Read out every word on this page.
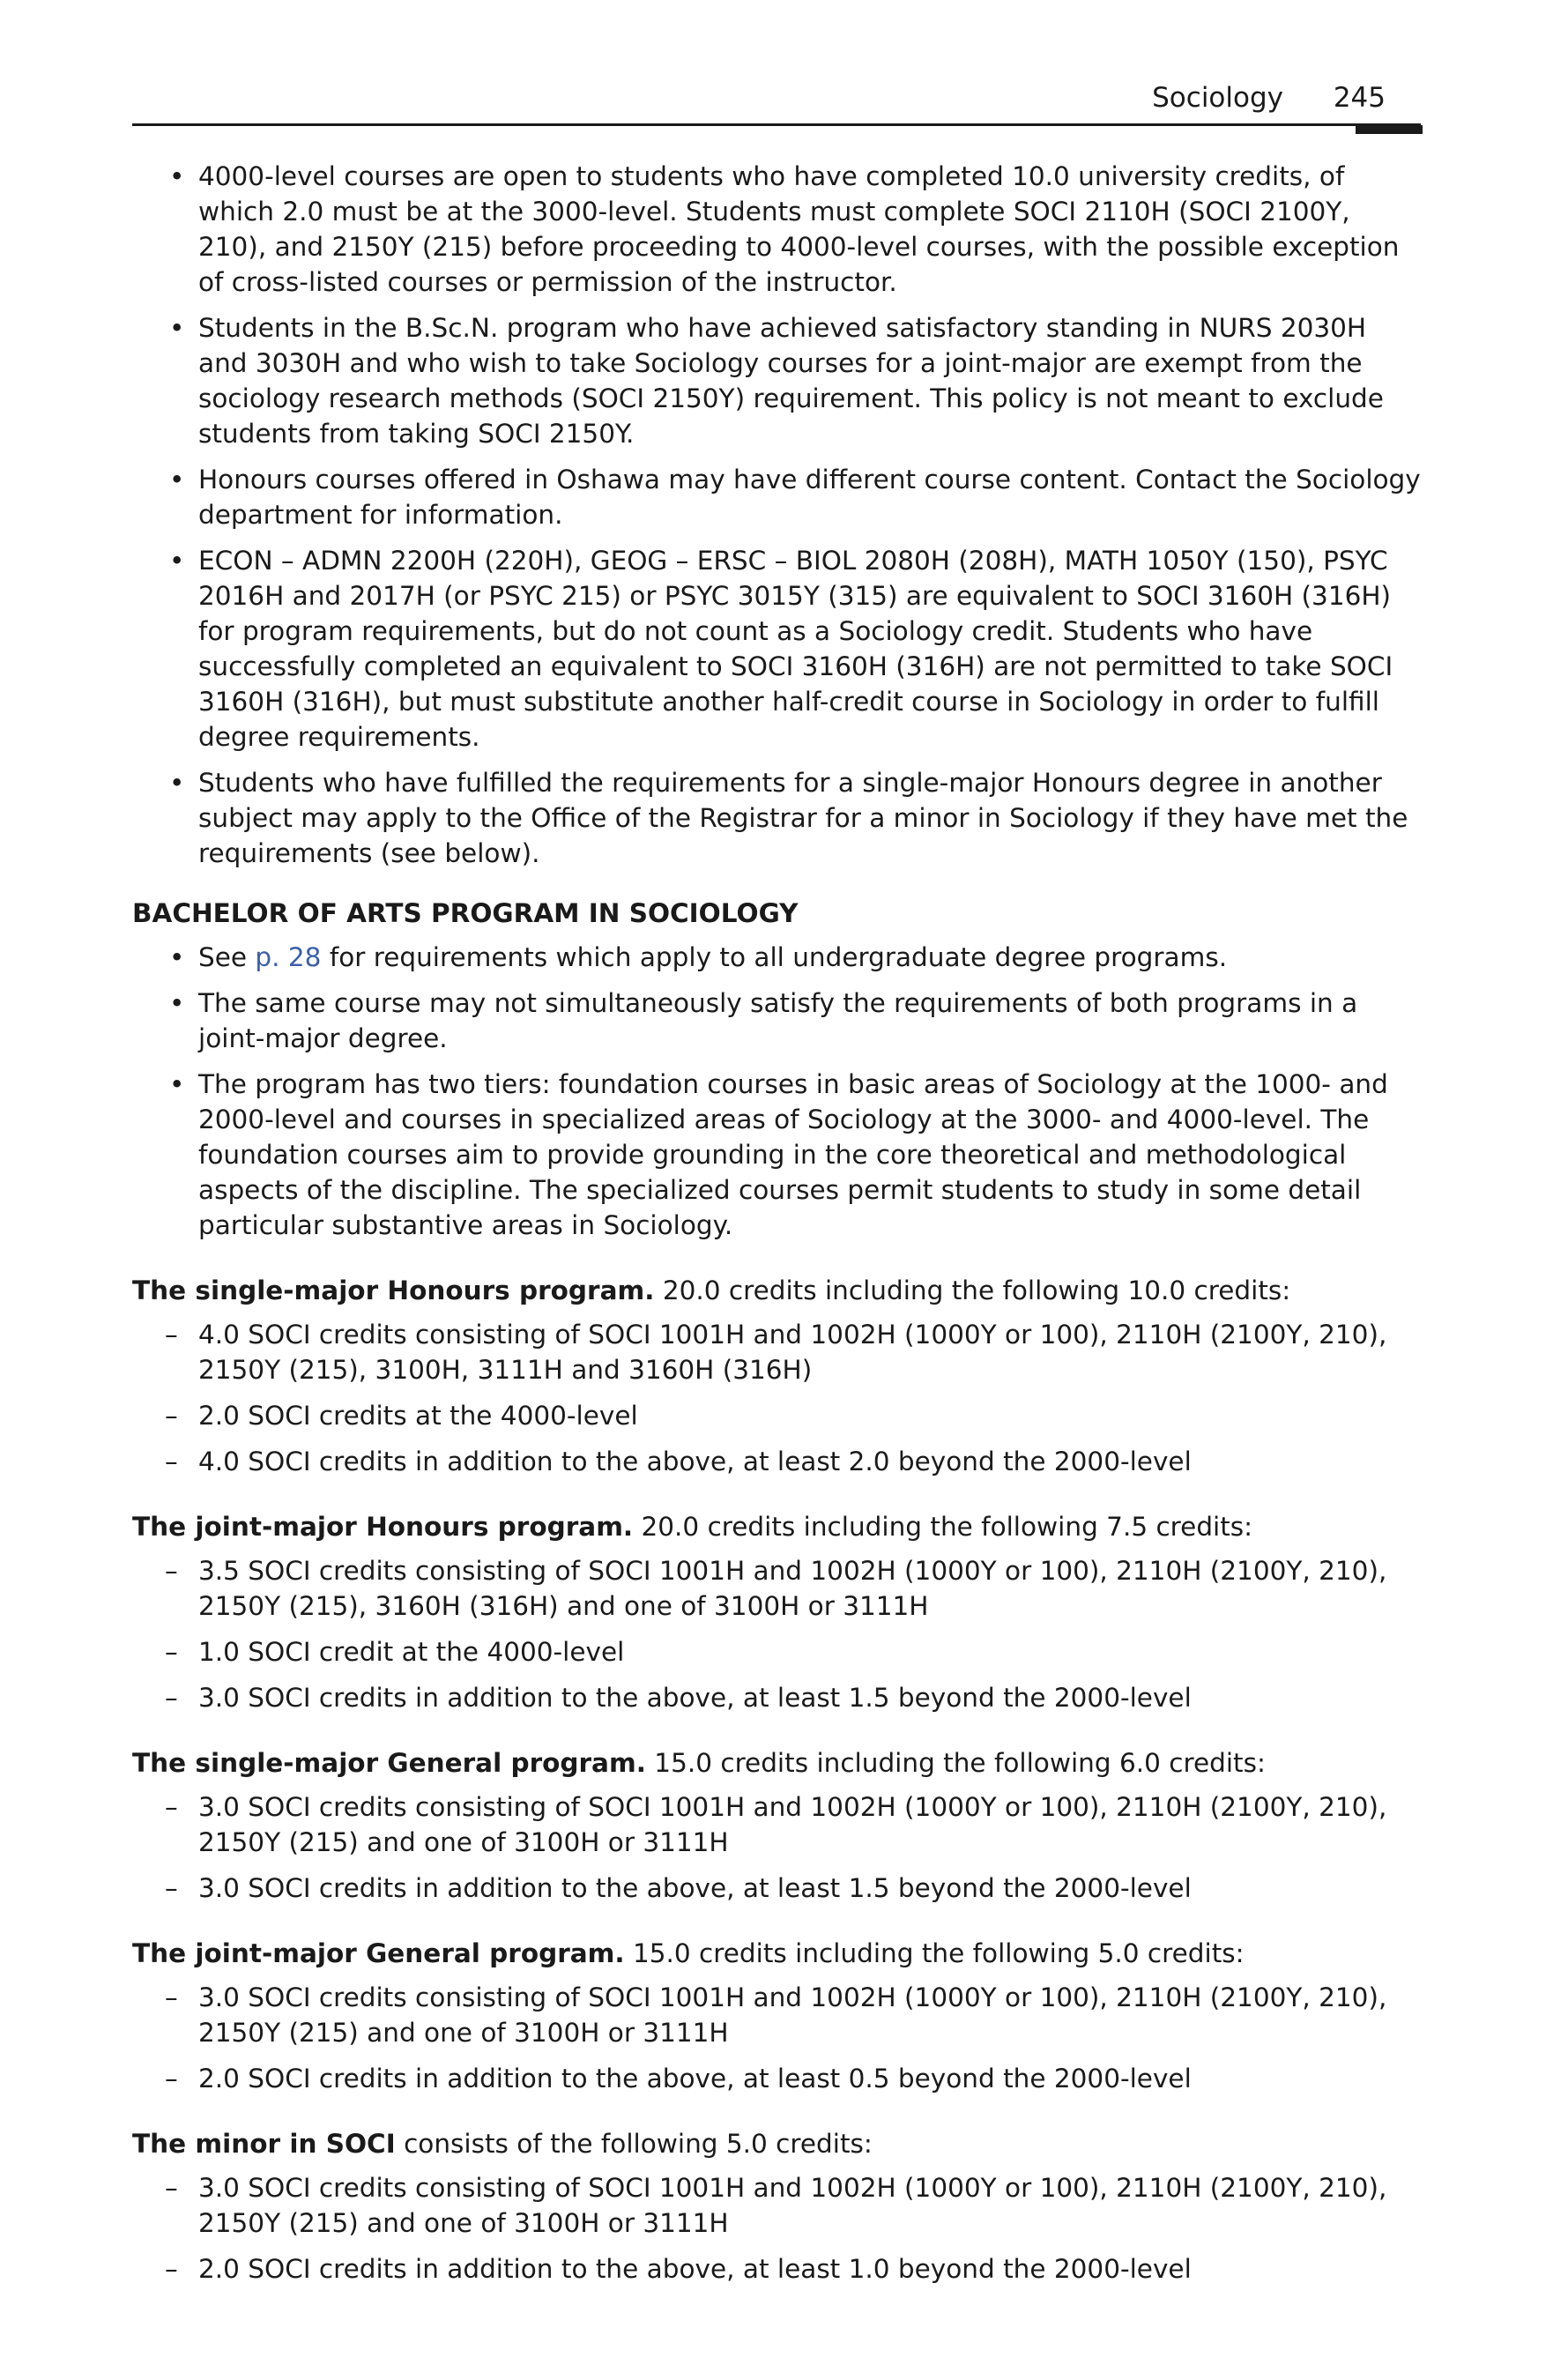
Sociology 245
• 4000-level courses are open to students who have completed 10.0 university credits, of which 2.0 must be at the 3000-level. Students must complete SOCI 2110H (SOCI 2100Y, 210), and 2150Y (215) before proceeding to 4000-level courses, with the possible exception of cross-listed courses or permission of the instructor.
• Students in the B.Sc.N. program who have achieved satisfactory standing in NURS 2030H and 3030H and who wish to take Sociology courses for a joint-major are exempt from the sociology research methods (SOCI 2150Y) requirement. This policy is not meant to exclude students from taking SOCI 2150Y.
• Honours courses offered in Oshawa may have different course content. Contact the Sociology department for information.
• ECON – ADMN 2200H (220H), GEOG – ERSC – BIOL 2080H (208H), MATH 1050Y (150), PSYC 2016H and 2017H (or PSYC 215) or PSYC 3015Y (315) are equivalent to SOCI 3160H (316H) for program requirements, but do not count as a Sociology credit. Students who have successfully completed an equivalent to SOCI 3160H (316H) are not permitted to take SOCI 3160H (316H), but must substitute another half-credit course in Sociology in order to fulfill degree requirements.
• Students who have fulfilled the requirements for a single-major Honours degree in another subject may apply to the Office of the Registrar for a minor in Sociology if they have met the requirements (see below).
BACHELOR OF ARTS PROGRAM IN SOCIOLOGY
• See p. 28 for requirements which apply to all undergraduate degree programs.
• The same course may not simultaneously satisfy the requirements of both programs in a joint-major degree.
• The program has two tiers: foundation courses in basic areas of Sociology at the 1000- and 2000-level and courses in specialized areas of Sociology at the 3000- and 4000-level. The foundation courses aim to provide grounding in the core theoretical and methodological aspects of the discipline. The specialized courses permit students to study in some detail particular substantive areas in Sociology.
The single-major Honours program. 20.0 credits including the following 10.0 credits:
– 4.0 SOCI credits consisting of SOCI 1001H and 1002H (1000Y or 100), 2110H (2100Y, 210), 2150Y (215), 3100H, 3111H and 3160H (316H)
– 2.0 SOCI credits at the 4000-level
– 4.0 SOCI credits in addition to the above, at least 2.0 beyond the 2000-level
The joint-major Honours program. 20.0 credits including the following 7.5 credits:
– 3.5 SOCI credits consisting of SOCI 1001H and 1002H (1000Y or 100), 2110H (2100Y, 210), 2150Y (215), 3160H (316H) and one of 3100H or 3111H
– 1.0 SOCI credit at the 4000-level
– 3.0 SOCI credits in addition to the above, at least 1.5 beyond the 2000-level
The single-major General program. 15.0 credits including the following 6.0 credits:
– 3.0 SOCI credits consisting of SOCI 1001H and 1002H (1000Y or 100), 2110H (2100Y, 210), 2150Y (215) and one of 3100H or 3111H
– 3.0 SOCI credits in addition to the above, at least 1.5 beyond the 2000-level
The joint-major General program. 15.0 credits including the following 5.0 credits:
– 3.0 SOCI credits consisting of SOCI 1001H and 1002H (1000Y or 100), 2110H (2100Y, 210), 2150Y (215) and one of 3100H or 3111H
– 2.0 SOCI credits in addition to the above, at least 0.5 beyond the 2000-level
The minor in SOCI consists of the following 5.0 credits:
– 3.0 SOCI credits consisting of SOCI 1001H and 1002H (1000Y or 100), 2110H (2100Y, 210), 2150Y (215) and one of 3100H or 3111H
– 2.0 SOCI credits in addition to the above, at least 1.0 beyond the 2000-level
